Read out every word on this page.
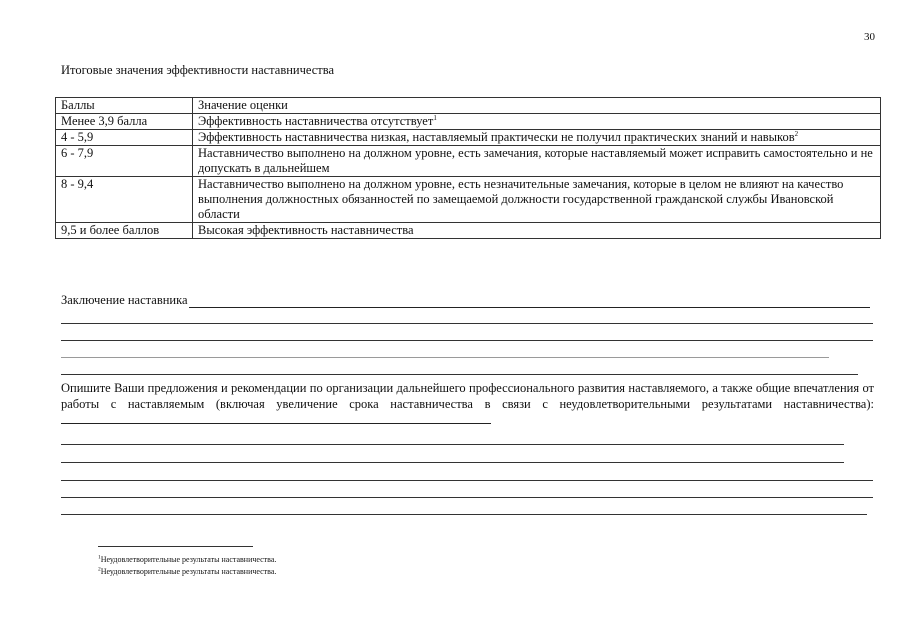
30
Итоговые значения эффективности наставничества
Баллы	Значение оценки
Менее 3,9 балла	Эффективность наставничества отсутствует$^1$
4 - 5,9	Эффективность наставничества низкая, наставляемый практически не получил практических знаний и навыков$^2$
6 - 7,9	Наставничество выполнено на должном уровне, есть замечания, которые наставляемый может исправить самостоятельно и не допускать в дальнейшем
8 - 9,4	Наставничество выполнено на должном уровне, есть незначительные замечания, которые в целом не влияют на качество выполнения должностных обязанностей по замещаемой должности государственной гражданской службы Ивановской области
9,5 и более баллов	Высокая эффективность наставничества
Заключение наставника
Опишите Ваши предложения и рекомендации по организации дальнейшего профессионального развития наставляемого, а также общие впечатления от работы с наставляемым (включая увеличение срока наставничества в связи с неудовлетворительными результатами наставничества):
$^1$Неудовлетворительные результаты наставничества.
$^2$Неудовлетворительные результаты наставничества.
